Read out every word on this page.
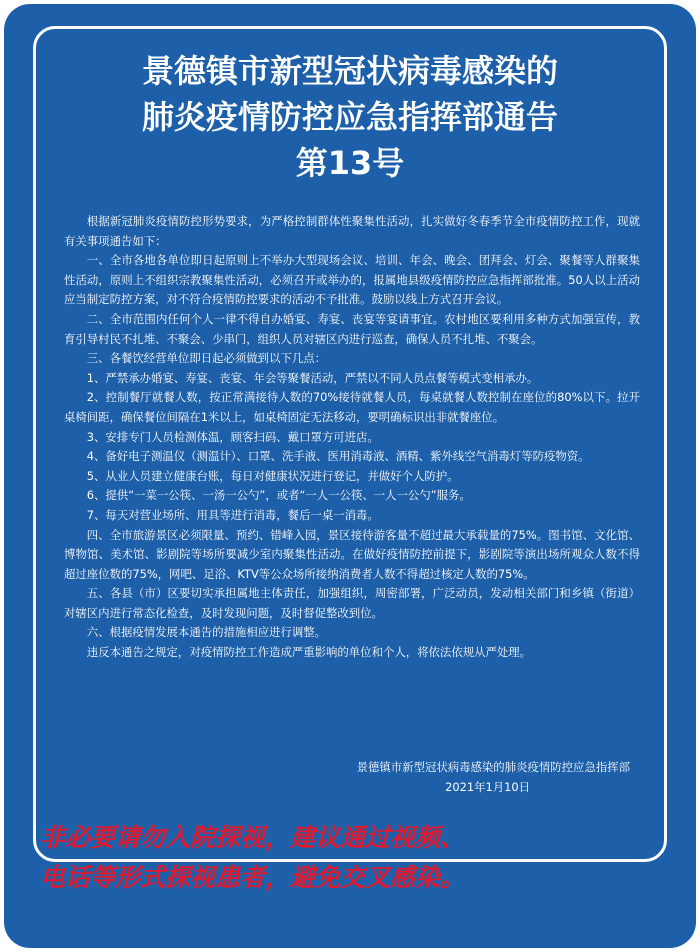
景德镇市新型冠状病毒感染的
肺炎疫情防控应急指挥部通告
第13号

根据新冠肺炎疫情防控形势要求，为严格控制群体性聚集性活动，扎实做好冬春季节全市疫情防控工作，现就有关事项通告如下：

一、全市各地各单位即日起原则上不举办大型现场会议、培训、年会、晚会、团拜会、灯会、聚餐等人群聚集性活动，原则上不组织宗教聚集性活动，必须召开或举办的，报属地县级疫情防控应急指挥部批准。50人以上活动应当制定防控方案，对不符合疫情防控要求的活动不予批准。鼓励以线上方式召开会议。

二、全市范围内任何个人一律不得自办婚宴、寿宴、丧宴等宴请事宜。农村地区要利用多种方式加强宣传，教育引导村民不扎堆、不聚会、少串门，组织人员对辖区内进行巡查，确保人员不扎堆、不聚会。

三、各餐饮经营单位即日起必须做到以下几点：

1、严禁承办婚宴、寿宴、丧宴、年会等聚餐活动，严禁以不同人员点餐等模式变相承办。

2、控制餐厅就餐人数，按正常满接待人数的70%接待就餐人员，每桌就餐人数控制在座位的80%以下。拉开桌椅间距，确保餐位间隔在1米以上，如桌椅固定无法移动，要明确标识出非就餐座位。

3、安排专门人员检测体温，顾客扫码、戴口罩方可进店。

4、备好电子测温仪（测温计）、口罩、洗手液、医用消毒液、酒精、紫外线空气消毒灯等防疫物资。

5、从业人员建立健康台账，每日对健康状况进行登记，并做好个人防护。

6、提供“一菜一公筷、一汤一公勺”，或者“一人一公筷、一人一公勺”服务。

7、每天对营业场所、用具等进行消毒，餐后一桌一消毒。

四、全市旅游景区必须限量、预约、错峰入园，景区接待游客量不超过最大承载量的75%。图书馆、文化馆、博物馆、美术馆、影剧院等场所要减少室内聚集性活动。在做好疫情防控前提下，影剧院等演出场所观众人数不得超过座位数的75%，网吧、足浴、KTV等公众场所接纳消费者人数不得超过核定人数的75%。

五、各县（市）区要切实承担属地主体责任，加强组织，周密部署，广泛动员，发动相关部门和乡镇（街道）对辖区内进行常态化检查，及时发现问题，及时督促整改到位。

六、根据疫情发展本通告的措施相应进行调整。

违反本通告之规定，对疫情防控工作造成严重影响的单位和个人，将依法依规从严处理。

景德镇市新型冠状病毒感染的肺炎疫情防控应急指挥部
2021年1月10日
非必要请勿入院探视，建议通过视频、
电话等形式探视患者，避免交叉感染。
